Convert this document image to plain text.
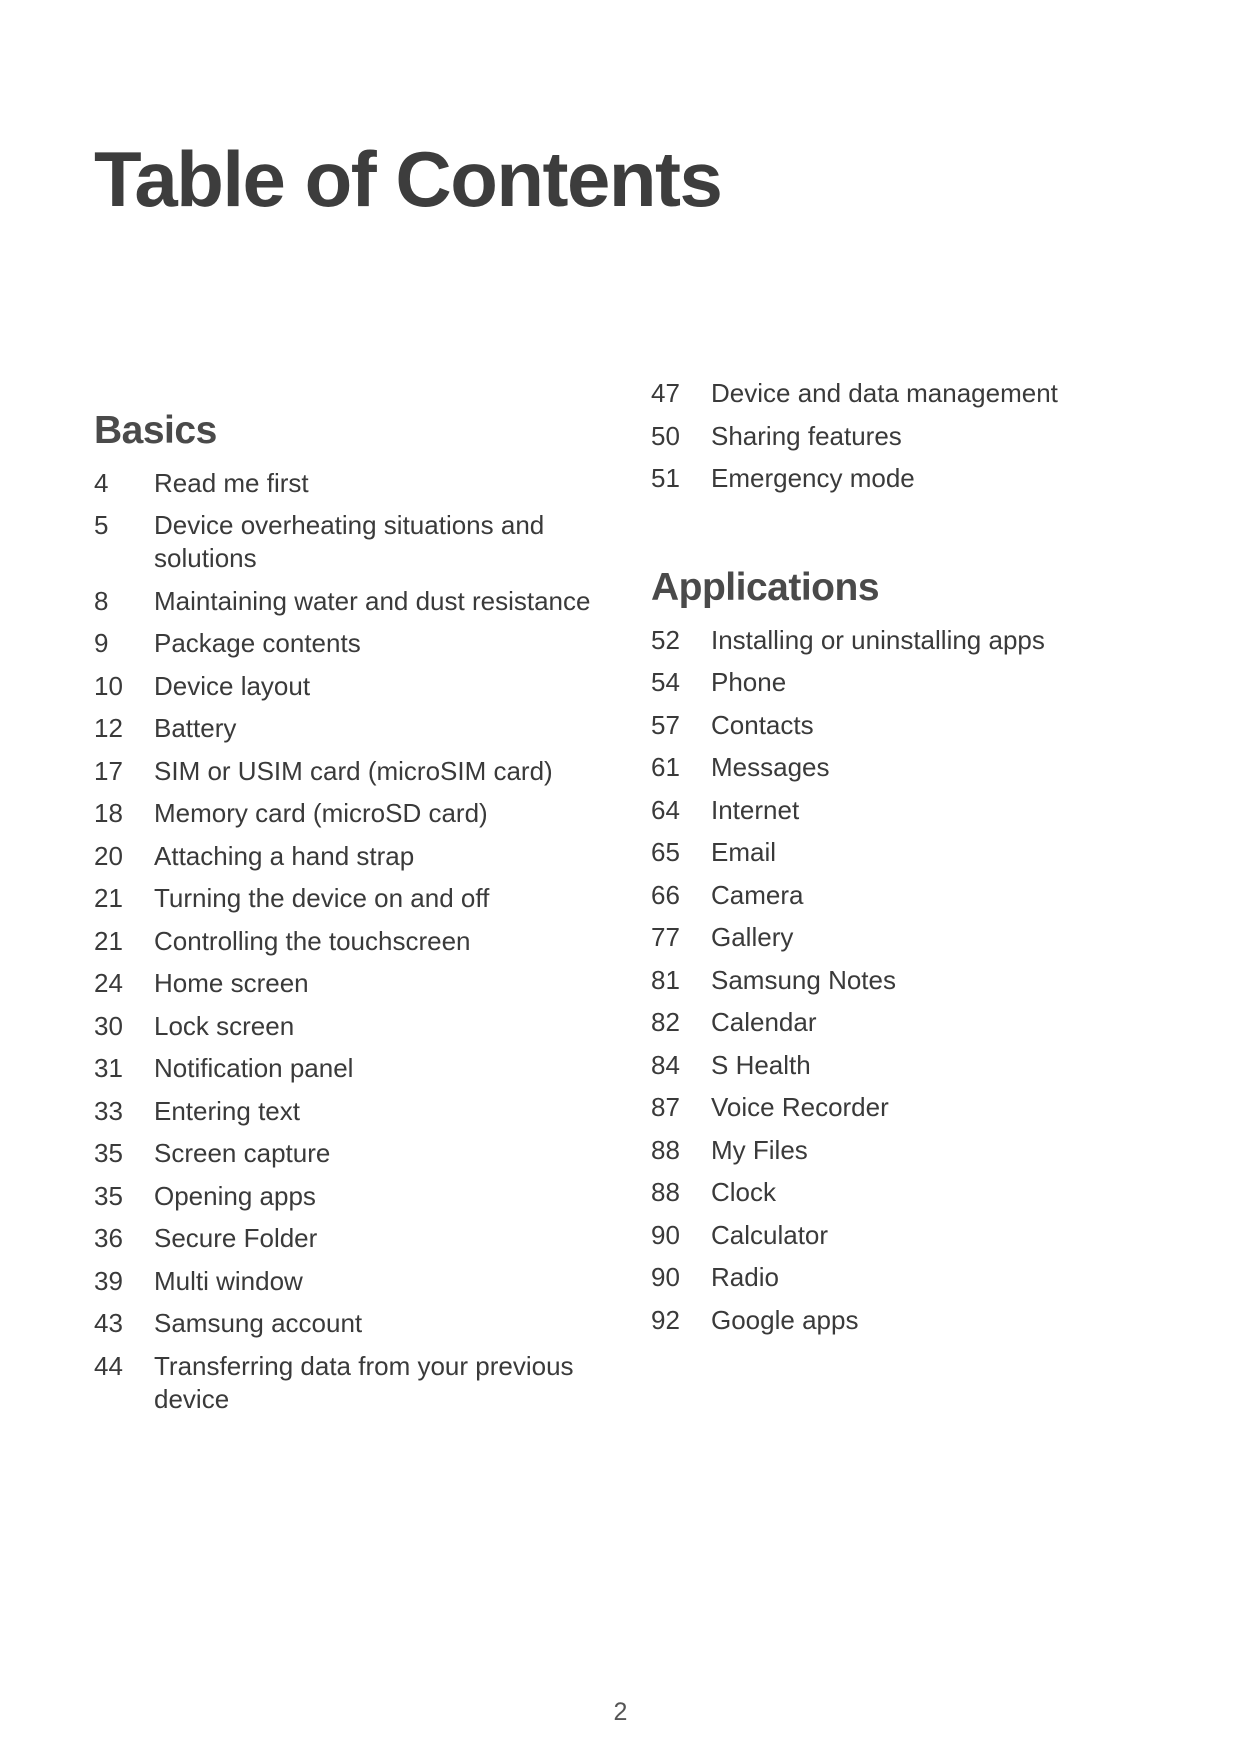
Table of Contents
Basics
4	Read me first
5	Device overheating situations and solutions
8	Maintaining water and dust resistance
9	Package contents
10	Device layout
12	Battery
17	SIM or USIM card (microSIM card)
18	Memory card (microSD card)
20	Attaching a hand strap
21	Turning the device on and off
21	Controlling the touchscreen
24	Home screen
30	Lock screen
31	Notification panel
33	Entering text
35	Screen capture
35	Opening apps
36	Secure Folder
39	Multi window
43	Samsung account
44	Transferring data from your previous device
47	Device and data management
50	Sharing features
51	Emergency mode
Applications
52	Installing or uninstalling apps
54	Phone
57	Contacts
61	Messages
64	Internet
65	Email
66	Camera
77	Gallery
81	Samsung Notes
82	Calendar
84	S Health
87	Voice Recorder
88	My Files
88	Clock
90	Calculator
90	Radio
92	Google apps
2
